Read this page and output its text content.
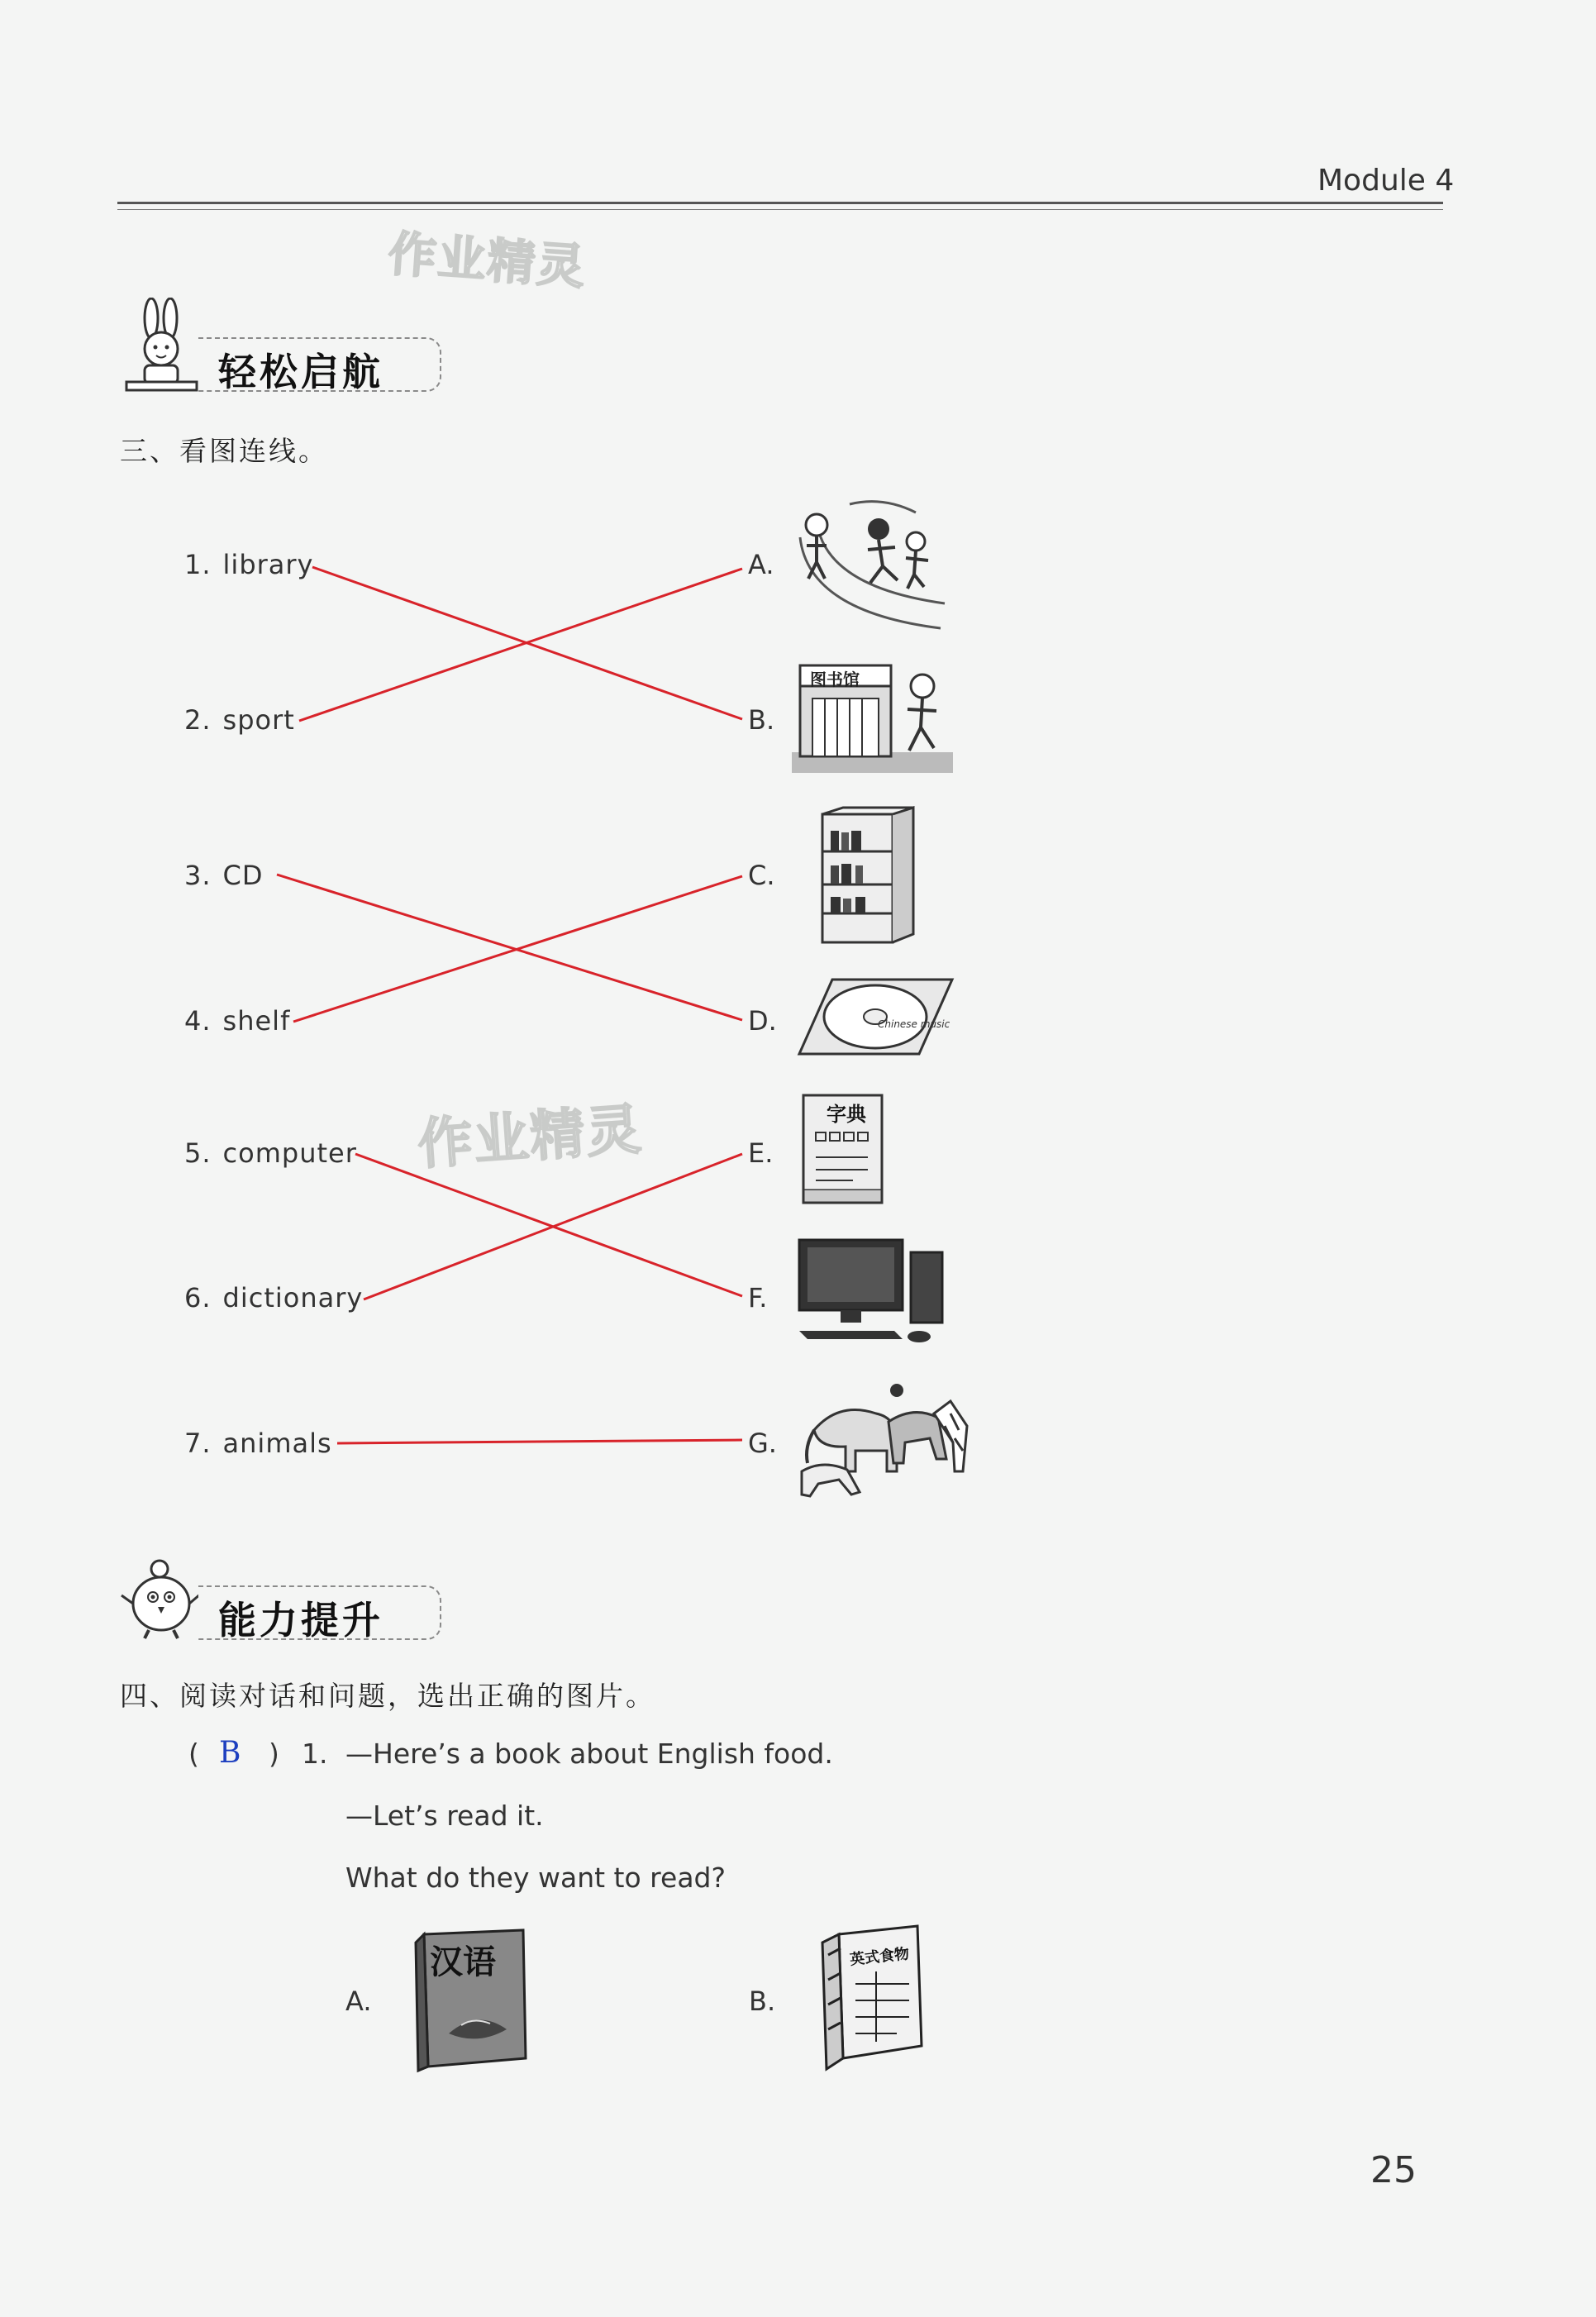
Module 4
作业精灵
作业精灵
轻松启航
三、看图连线。
1. library
2. sport
3. CD
4. shelf
5. computer
6. dictionary
7. animals
A.
B.
C.
D.
E.
F.
G.
图书馆
Chinese music
字典
能力提升
四、阅读对话和问题，选出正确的图片。
( B ) 1. —Here’s a book about English food.
—Let’s read it.
What do they want to read?
A.
汉语
B.
英式食物
25
